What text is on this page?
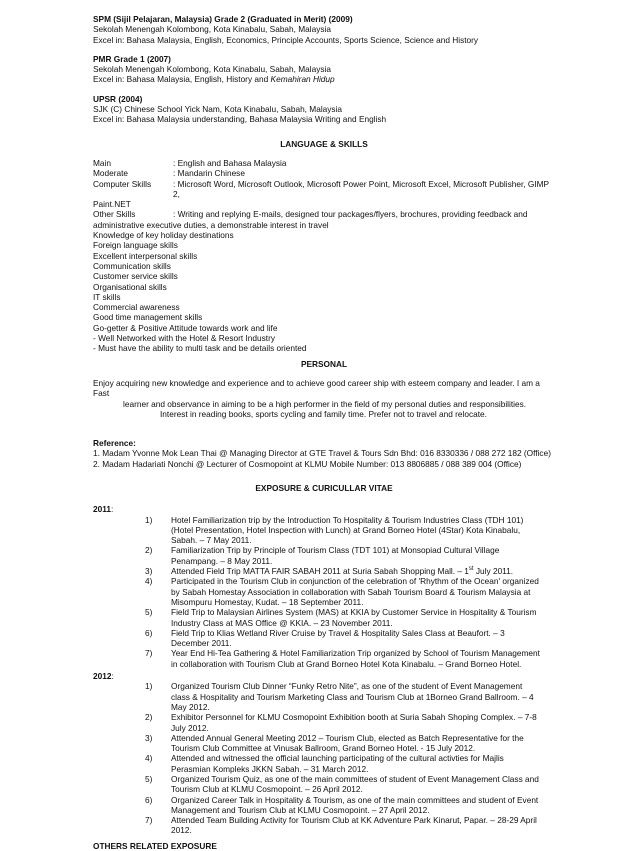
SPM (Sijil Pelajaran, Malaysia) Grade 2 (Graduated in Merit) (2009)
Sekolah Menengah Kolombong, Kota Kinabalu, Sabah, Malaysia
Excel in: Bahasa Malaysia, English, Economics, Principle Accounts, Sports Science, Science and History
PMR Grade 1 (2007)
Sekolah Menengah Kolombong, Kota Kinabalu, Sabah, Malaysia
Excel in: Bahasa Malaysia, English, History and Kemahiran Hidup
UPSR (2004)
SJK (C) Chinese School Yick Nam, Kota Kinabalu, Sabah, Malaysia
Excel in: Bahasa Malaysia understanding, Bahasa Malaysia Writing and English
LANGUAGE & SKILLS
Main	: English and Bahasa Malaysia
Moderate	: Mandarin Chinese
Computer Skills	: Microsoft Word, Microsoft Outlook, Microsoft Power Point, Microsoft Excel, Microsoft Publisher, GIMP 2,
Paint.NET
Other Skills	: Writing and replying E-mails, designed tour packages/flyers, brochures, providing feedback and
administrative executive duties, a demonstrable interest in travel
Knowledge of key holiday destinations
Foreign language skills
Excellent interpersonal skills
Communication skills
Customer service skills
Organisational skills
IT skills
Commercial awareness
Good time management skills
Go-getter & Positive Attitude towards work and life
- Well Networked with the Hotel & Resort Industry
- Must have the ability to multi task and be details oriented
PERSONAL
Enjoy acquiring new knowledge and experience and to achieve good career ship with esteem company and leader. I am a Fast
learner and observance in aiming to be a high performer in the field of my personal duties and responsibilities.
Interest in reading books, sports cycling and family time. Prefer not to travel and relocate.
Reference:
1. Madam Yvonne Mok Lean Thai @ Managing Director at GTE Travel & Tours Sdn Bhd: 016 8330336 / 088 272 182 (Office)
2. Madam Hadariati Nonchi @ Lecturer of Cosmopoint at KLMU Mobile Number: 013 8806885 / 088 389 004 (Office)
EXPOSURE & CURICULLAR VITAE
2011:
1)	Hotel Familiarization trip by the Introduction To Hospitality & Tourism Industries Class (TDH 101) (Hotel Presentation, Hotel Inspection with Lunch) at Grand Borneo Hotel (4Star) Kota Kinabalu, Sabah. – 7 May 2011.
2)	Familiarization Trip by Principle of Tourism Class (TDT 101) at Monsopiad Cultural Village Penampang. – 8 May 2011.
3)	Attended Field Trip MATTA FAIR SABAH 2011 at Suria Sabah Shopping Mall. – 1st July 2011.
4)	Participated in the Tourism Club in conjunction of the celebration of 'Rhythm of the Ocean' organized by Sabah Homestay Association in collaboration with Sabah Tourism Board & Tourism Malaysia at Misompuru Homestay, Kudat. – 18 September 2011.
5)	Field Trip to Malaysian Airlines System (MAS) at KKIA by Customer Service in Hospitality & Tourism Industry Class at MAS Office @ KKIA. – 23 November 2011.
6)	Field Trip to Klias Wetland River Cruise by Travel & Hospitality Sales Class at Beaufort. – 3 December 2011.
7)	Year End Hi-Tea Gathering & Hotel Familiarization Trip organized by School of Tourism Management in collaboration with Tourism Club at Grand Borneo Hotel Kota Kinabalu. – Grand Borneo Hotel.
2012:
1)	Organized Tourism Club Dinner “Funky Retro Nite”, as one of the student of Event Management class & Hospitality and Tourism Marketing Class and Tourism Club at 1Borneo Grand Ballroom. – 4 May 2012.
2)	Exhibitor Personnel for KLMU Cosmopoint Exhibition booth at Suria Sabah Shoping Complex. – 7-8 July 2012.
3)	Attended Annual General Meeting 2012 – Tourism Club, elected as Batch Representative for the Tourism Club Committee at Vinusak Ballroom, Grand Borneo Hotel. - 15 July 2012.
4)	Attended and witnessed the official launching participating of the cultural activties for Majlis Perasmian Kompleks JKKN Sabah. – 31 March 2012.
5)	Organized Tourism Quiz, as one of the main committees of student of Event Management Class and Tourism Club at KLMU Cosmopoint. – 26 April 2012.
6)	Organized Career Talk in Hospitality & Tourism, as one of the main committees and student of Event Management and Tourism Club at KLMU Cosmopoint. – 27 April 2012.
7)	Attended Team Building Activity for Tourism Club at KK Adventure Park Kinarut, Papar. – 28-29 April 2012.
OTHERS RELATED EXPOSURE
